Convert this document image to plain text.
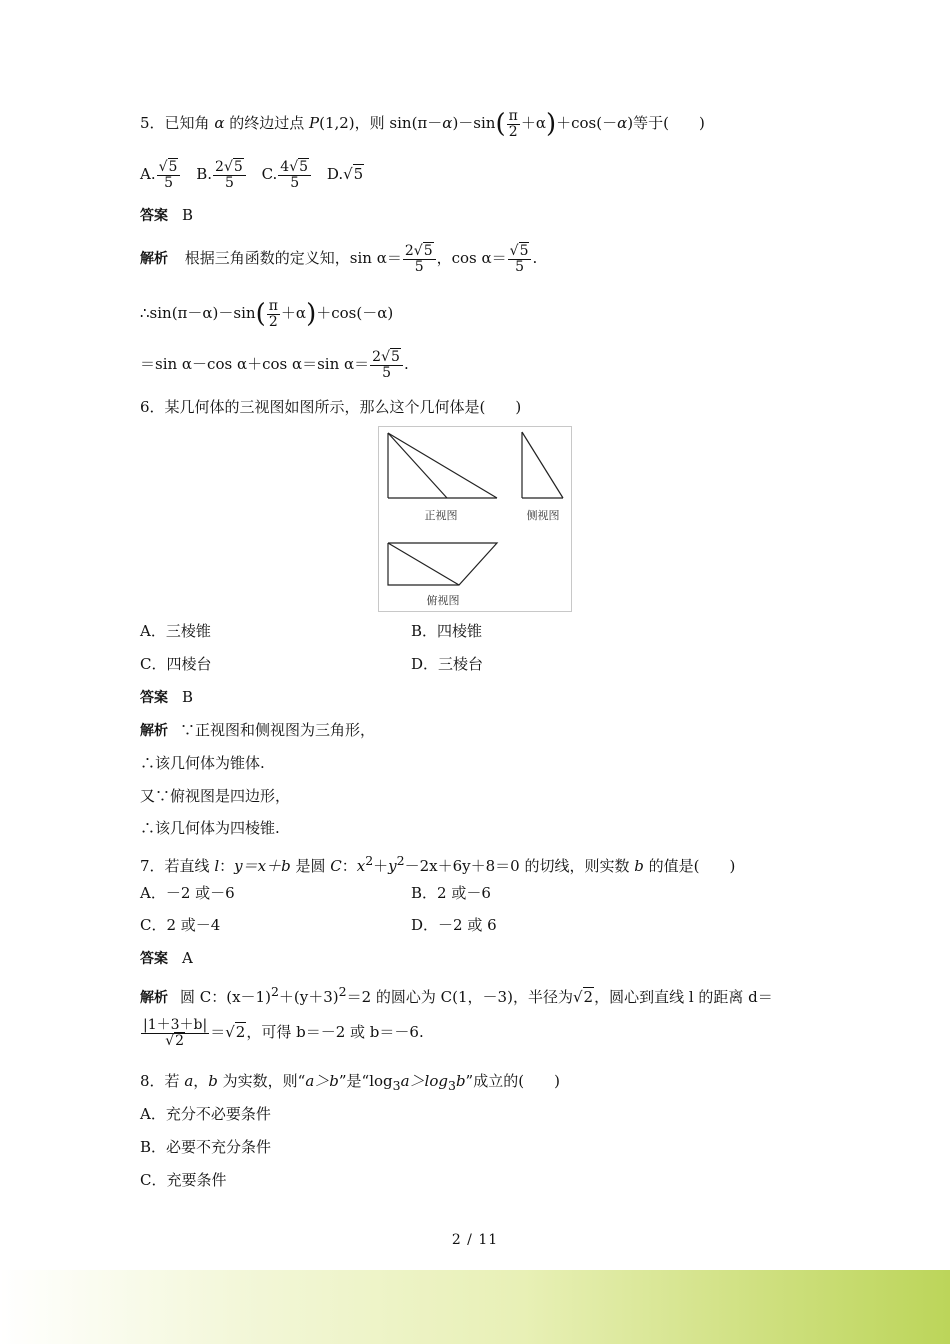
5．已知角 α 的终边过点 P(1,2)，则 $\sin(\pi-\alpha)-\sin( \frac{\pi}{2} +\alpha)+\cos(-\alpha)$等于(　　)
A. $\frac{√5}{5} B$. $\frac{2√5}{5} C$. $\frac{4√5}{5} D.√5$
答案 B
解析 根据三角函数的定义知，$\sin \alpha= \frac{2√5}{5}$ ，$\cos \alpha= \frac{√5}{5}$ .
∴sin(π－α)－sin( $\frac{\pi}{2} +\alpha)+\cos(-\alpha)$
＝sin α－cos α＋cos α＝sin $\alpha= \frac{2√5}{5}$ .
6．某几何体的三视图如图所示，那么这个几何体是(　　)
正视图	侧视图
俯视图
A．三棱锥	B．四棱锥
C．四棱台	D．三棱台
答案 B
解析 ∵正视图和侧视图为三角形，
∴该几何体为锥体.
又∵俯视图是四边形，
∴该几何体为四棱锥.
7．若直线 l：y＝x＋b 是圆 C：$x^2+y^2-2x+6y+8=0$ 的切线，则实数 b 的值是(　　)
A．－2 或－6	B．2 或－6
C．2 或－4	D．－2 或 6
答案 A
解析 圆 C：$(x-1)^2+(y+3)^2=2$ 的圆心为 C(1，－3)，半径为√2，圆心到直线 l 的距离 d＝
$\frac{|1+3+b|}{√2} =√2$，可得 b＝－2 或 b＝－6.
8．若 a，b 为实数，则“a＞b”是“$\log_3a>\log_3b$”成立的(　　)
A．充分不必要条件
B．必要不充分条件
C．充要条件
2 / 11
